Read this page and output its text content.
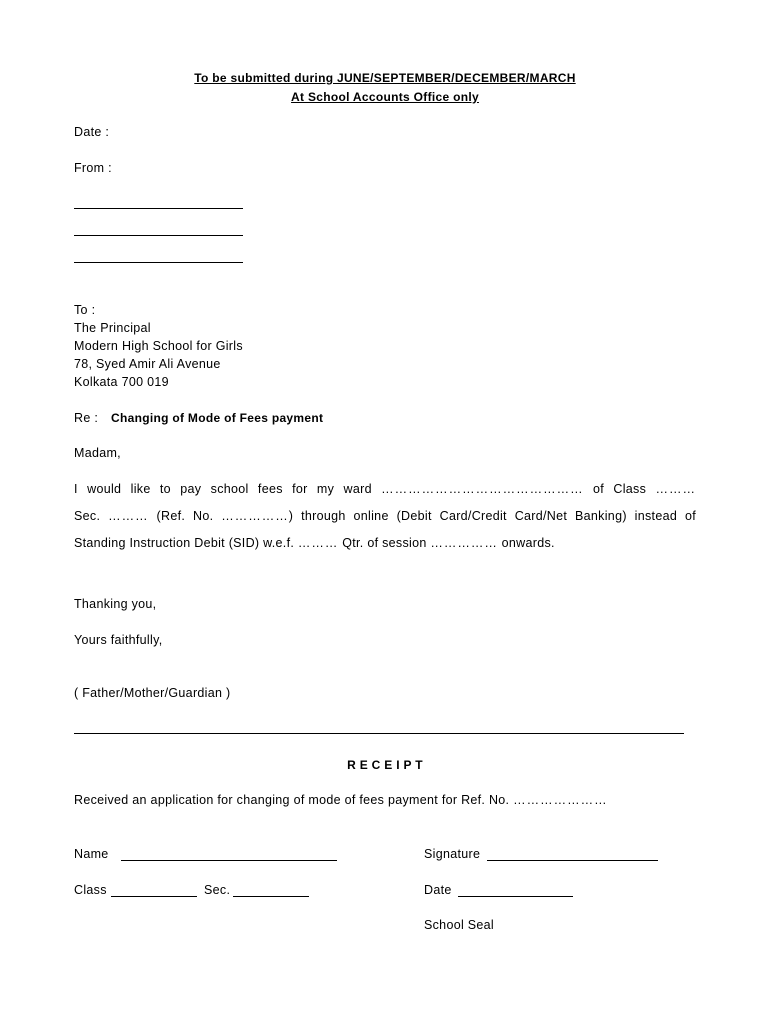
To be submitted during JUNE/SEPTEMBER/DECEMBER/MARCH
At School Accounts Office only
Date :
From :
To :
The Principal
Modern High School for Girls
78, Syed Amir Ali Avenue
Kolkata 700 019
Re : Changing of Mode of Fees payment
Madam,
I would like to pay school fees for my ward ……………………………………… of Class ………
Sec. ……… (Ref. No. ……………) through online (Debit Card/Credit Card/Net Banking) instead of
Standing Instruction Debit (SID) w.e.f. ……… Qtr. of session …………… onwards.
Thanking you,
Yours faithfully,
( Father/Mother/Guardian )
R E C E I P T
Received an application for changing of mode of fees payment for Ref. No. …………………
Name	Signature
Class	Sec.	Date
School Seal
